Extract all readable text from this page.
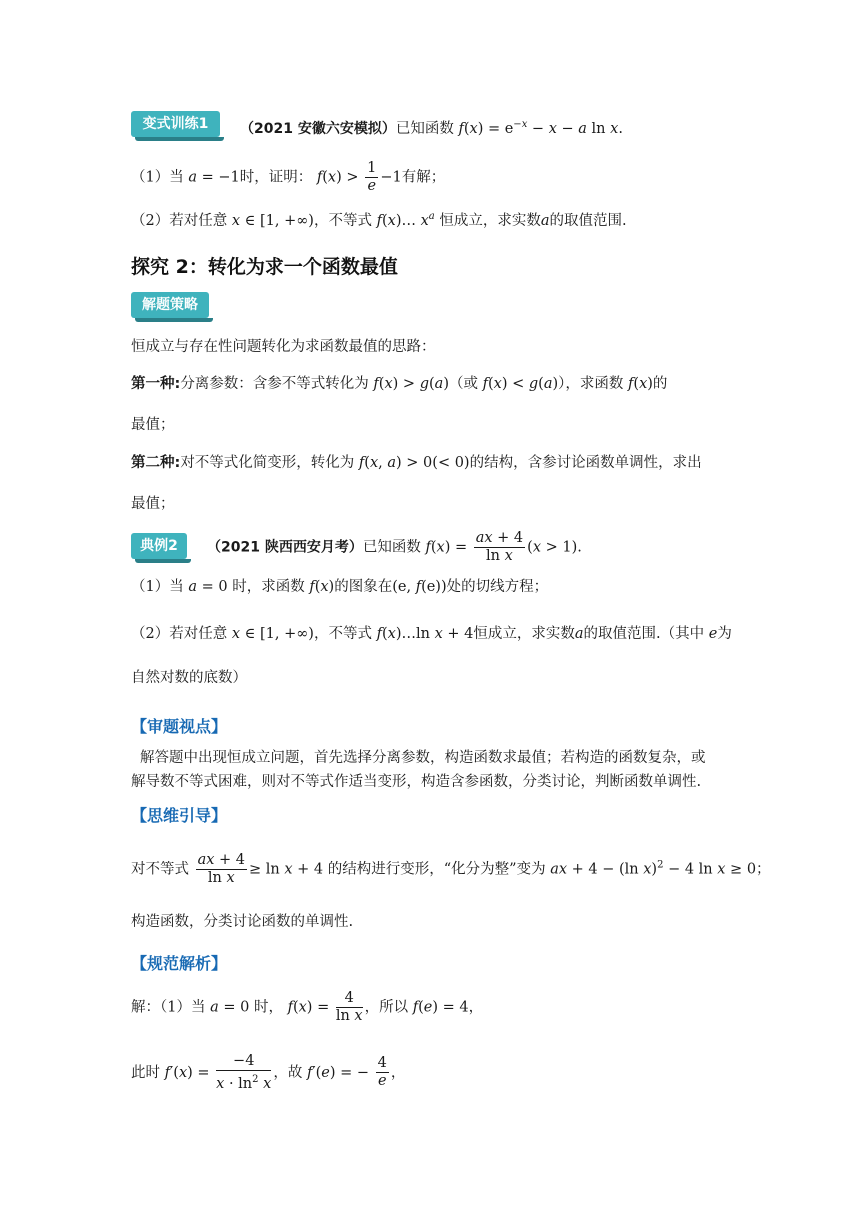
变式训练1	（2021 安徽六安模拟）已知函数 $f(x) = e^{-x} - x - a$ ln x.
（1）当 a = −1时，证明： $f(x) > \frac{1}{e} -1$有解；
（2）若对任意 x ∈ [1, +∞)，不等式 f(x)… $x^a$ 恒成立，求实数a的取值范围.
探究 2：转化为求一个函数最值
解题策略
恒成立与存在性问题转化为求函数最值的思路：
第一种:分离参数：含参不等式转化为 f(x) > g(a)（或 f(x) < g(a)），求函数 f(x)的
最值；
第二种:对不等式化简变形，转化为 f(x, a) > 0(< 0)的结构，含参讨论函数单调性，求出
最值；
典例2	（2021 陕西西安月考）已知函数 $f(x) = \frac{ax + 4}{\text{ln x}} (x > 1)$.
（1）当 a = 0 时，求函数 f(x)的图象在(e, f(e))处的切线方程；
（2）若对任意 x ∈ [1, +∞)，不等式 f(x)…ln x + 4恒成立，求实数a的取值范围.（其中 e为
自然对数的底数）
【审题视点】
解答题中出现恒成立问题，首先选择分离参数，构造函数求最值；若构造的函数复杂，或
解导数不等式困难，则对不等式作适当变形，构造含参函数，分类讨论，判断函数单调性.
【思维引导】
对不等式 $\frac{ax + 4}{\text{ln x}} \ge \ln x + 4$ 的结构进行变形，“化分为整”变为 ax + 4 − (ln x)$^2$ − 4 ln x ≥ 0；
构造函数，分类讨论函数的单调性.
【规范解析】
解：（1）当 a = 0 时， $f(x) = \frac{4}{\text{ln x}}$ ，所以 f(e) = 4，
此时 $f'(x) = \frac{-4}{x \cdot \ln^2 x}$ ，故 f′(e) = − $\frac{4}{e}$ ，
